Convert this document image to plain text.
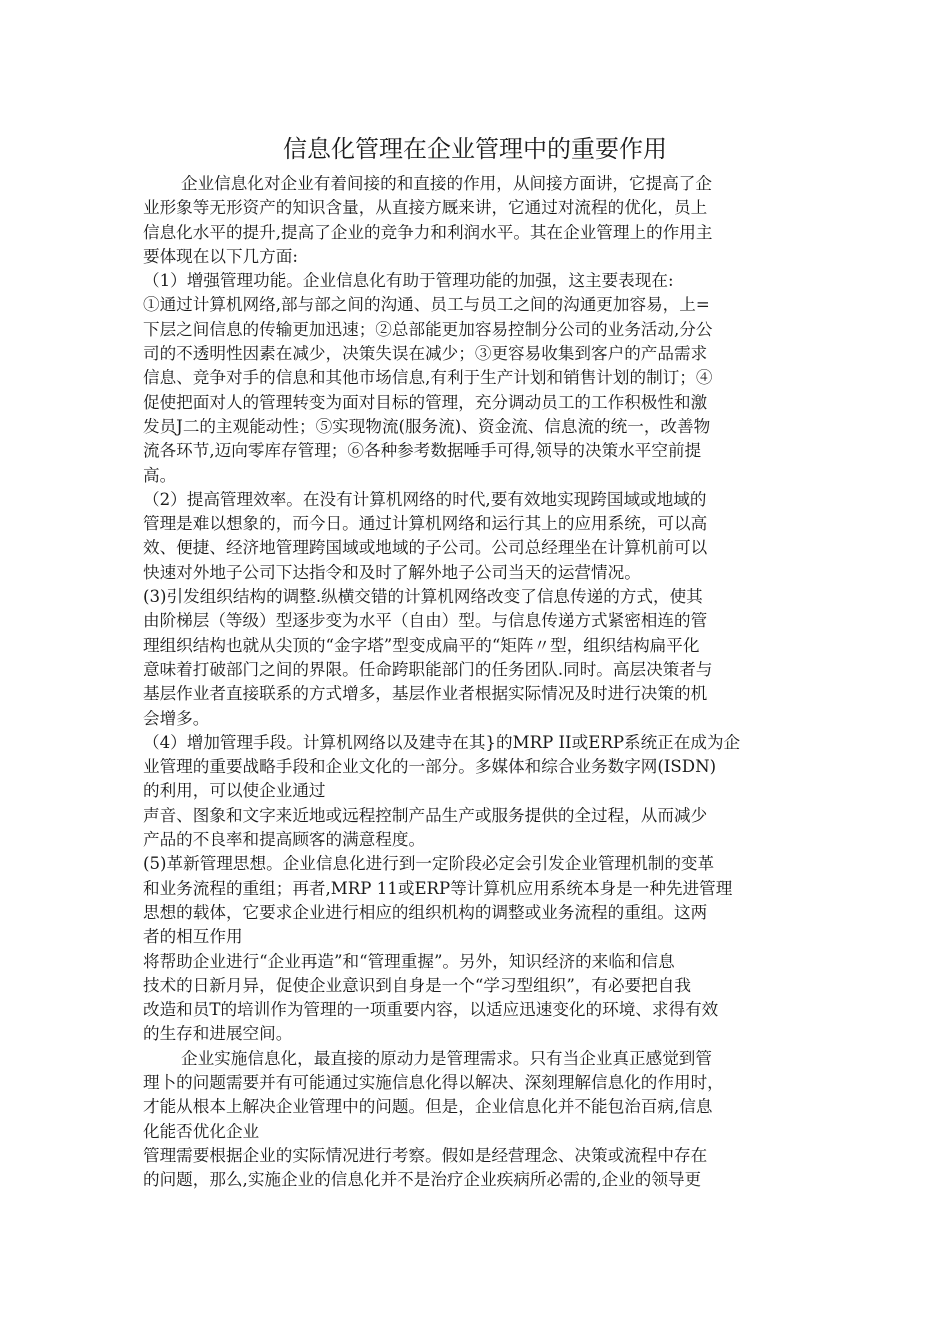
信息化管理在企业管理中的重要作用
企业信息化对企业有着间接的和直接的作用，从间接方面讲，它提高了企
业形象等无形资产的知识含量，从直接方厩来讲，它通过对流程的优化，员上
信息化水平的提升,提高了企业的竞争力和利润水平。其在企业管理上的作用主
要体现在以下几方面:
（1）增强管理功能。企业信息化有助于管理功能的加强，这主要表现在:
①通过计算机网络,部与部之间的沟通、员工与员工之间的沟通更加容易，上=
下层之间信息的传输更加迅速；②总部能更加容易控制分公司的业务活动,分公
司的不透明性因素在减少，决策失误在减少；③更容易收集到客户的产品需求
信息、竞争对手的信息和其他市场信息,有利于生产计划和销售计划的制订；④
促使把面对人的管理转变为面对目标的管理，充分调动员工的工作积极性和激
发员J二的主观能动性；⑤实现物流(服务流)、资金流、信息流的统一，改善物
流各环节,迈向零库存管理；⑥各种参考数据唾手可得,领导的决策水平空前提
高。
（2）提高管理效率。在没有计算机网络的时代,要有效地实现跨国域或地域的
管理是难以想象的，而今日。通过计算机网络和运行其上的应用系统，可以高
效、便捷、经济地管理跨国域或地域的子公司。公司总经理坐在计算机前可以
快速对外地子公司下达指令和及时了解外地子公司当天的运营情况。
(3)引发组织结构的调整.纵横交错的计算机网络改变了信息传递的方式，使其
由阶梯层（等级）型逐步变为水平（自由）型。与信息传递方式紧密相连的管
理组织结构也就从尖顶的“金字塔”型变成扁平的“矩阵〃型，组织结构扁平化
意味着打破部门之间的界限。任命跨职能部门的任务团队.同时。高层决策者与
基层作业者直接联系的方式增多，基层作业者根据实际情况及时进行决策的机
会增多。
（4）增加管理手段。计算机网络以及建寺在其}的MRP II或ERP系统正在成为企
业管理的重要战略手段和企业文化的一部分。多媒体和综合业务数字网(ISDN)
的利用，可以使企业通过
声音、图象和文字来近地或远程控制产品生产或服务提供的全过程，从而减少
产品的不良率和提高顾客的满意程度。
(5)革新管理思想。企业信息化进行到一定阶段必定会引发企业管理机制的变革
和业务流程的重组；再者,MRP 11或ERP等计算机应用系统本身是一种先进管理
思想的载体，它要求企业进行相应的组织机构的调整或业务流程的重组。这两
者的相互作用
将帮助企业进行“企业再造”和“管理重握”。另外，知识经济的来临和信息
技术的日新月异，促使企业意识到自身是一个“学习型组织”，有必要把自我
改造和员T的培训作为管理的一项重要内容，以适应迅速变化的环境、求得有效
的生存和进展空间。
企业实施信息化，最直接的原动力是管理需求。只有当企业真正感觉到管
理卜的问题需要并有可能通过实施信息化得以解决、深刻理解信息化的作用时，
才能从根本上解决企业管理中的问题。但是，企业信息化并不能包治百病,信息
化能否优化企业
管理需要根据企业的实际情况进行考察。假如是经营理念、决策或流程中存在
的问题，那么,实施企业的信息化并不是治疗企业疾病所必需的,企业的领导更
